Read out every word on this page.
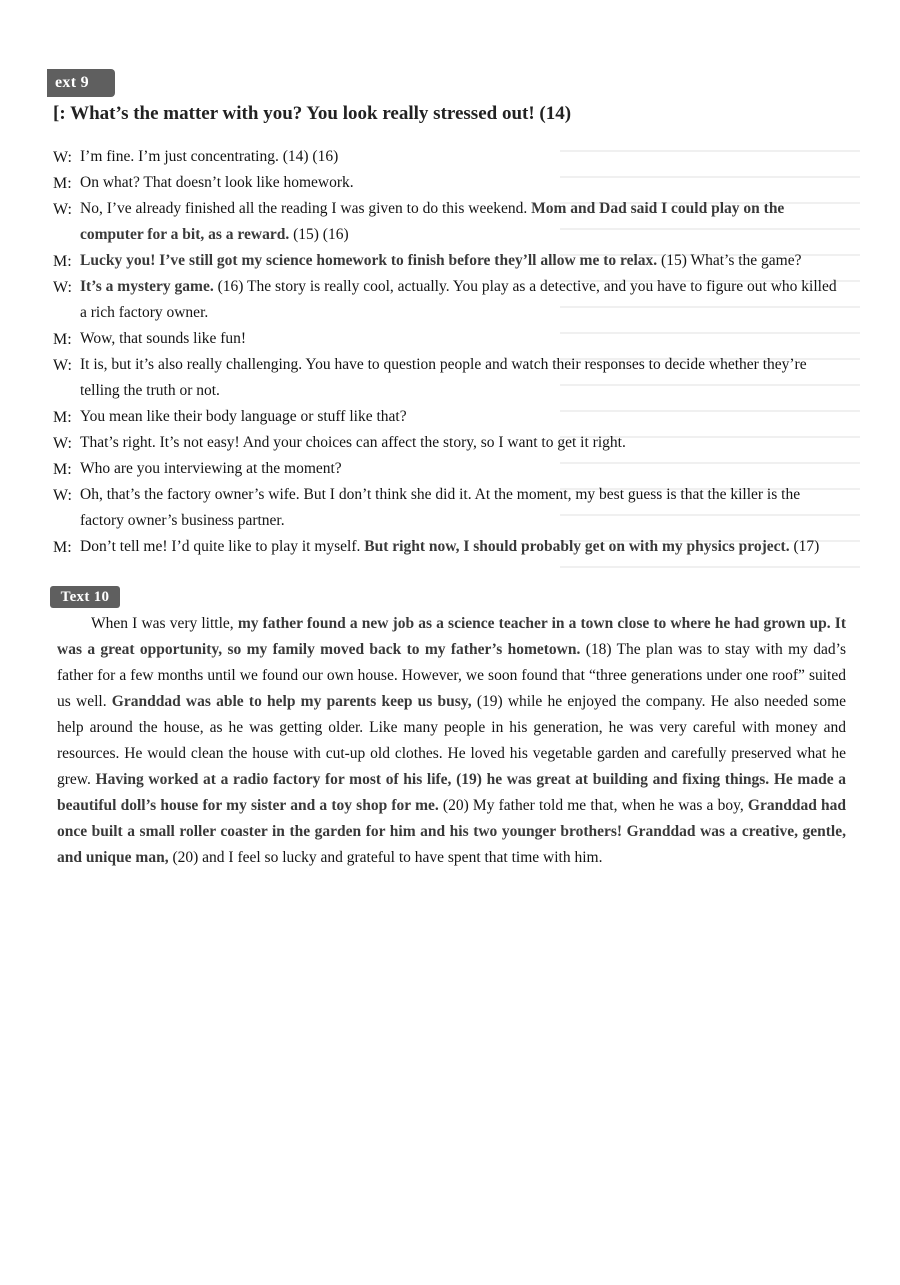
ext 9
[: What’s the matter with you? You look really stressed out! (14)

W: I’m fine. I’m just concentrating. (14) (16)

M: On what? That doesn’t look like homework.

W: No, I’ve already finished all the reading I was given to do this weekend. Mom and Dad said I could play on the computer for a bit, as a reward. (15) (16)

M: Lucky you! I’ve still got my science homework to finish before they’ll allow me to relax. (15) What’s the game?

W: It’s a mystery game. (16) The story is really cool, actually. You play as a detective, and you have to figure out who killed a rich factory owner.

M: Wow, that sounds like fun!

W: It is, but it’s also really challenging. You have to question people and watch their responses to decide whether they’re telling the truth or not.

M: You mean like their body language or stuff like that?

W: That’s right. It’s not easy! And your choices can affect the story, so I want to get it right.

M: Who are you interviewing at the moment?

W: Oh, that’s the factory owner’s wife. But I don’t think she did it. At the moment, my best guess is that the killer is the factory owner’s business partner.

M: Don’t tell me! I’d quite like to play it myself. But right now, I should probably get on with my physics project. (17)

Text 10

When I was very little, my father found a new job as a science teacher in a town close to where he had grown up. It was a great opportunity, so my family moved back to my father’s hometown. (18) The plan was to stay with my dad’s father for a few months until we found our own house. However, we soon found that “three generations under one roof” suited us well. Granddad was able to help my parents keep us busy, (19) while he enjoyed the company. He also needed some help around the house, as he was getting older. Like many people in his generation, he was very careful with money and resources. He would clean the house with cut-up old clothes. He loved his vegetable garden and carefully preserved what he grew. Having worked at a radio factory for most of his life, (19) he was great at building and fixing things. He made a beautiful doll’s house for my sister and a toy shop for me. (20) My father told me that, when he was a boy, Granddad had once built a small roller coaster in the garden for him and his two younger brothers! Granddad was a creative, gentle, and unique man, (20) and I feel so lucky and grateful to have spent that time with him.
